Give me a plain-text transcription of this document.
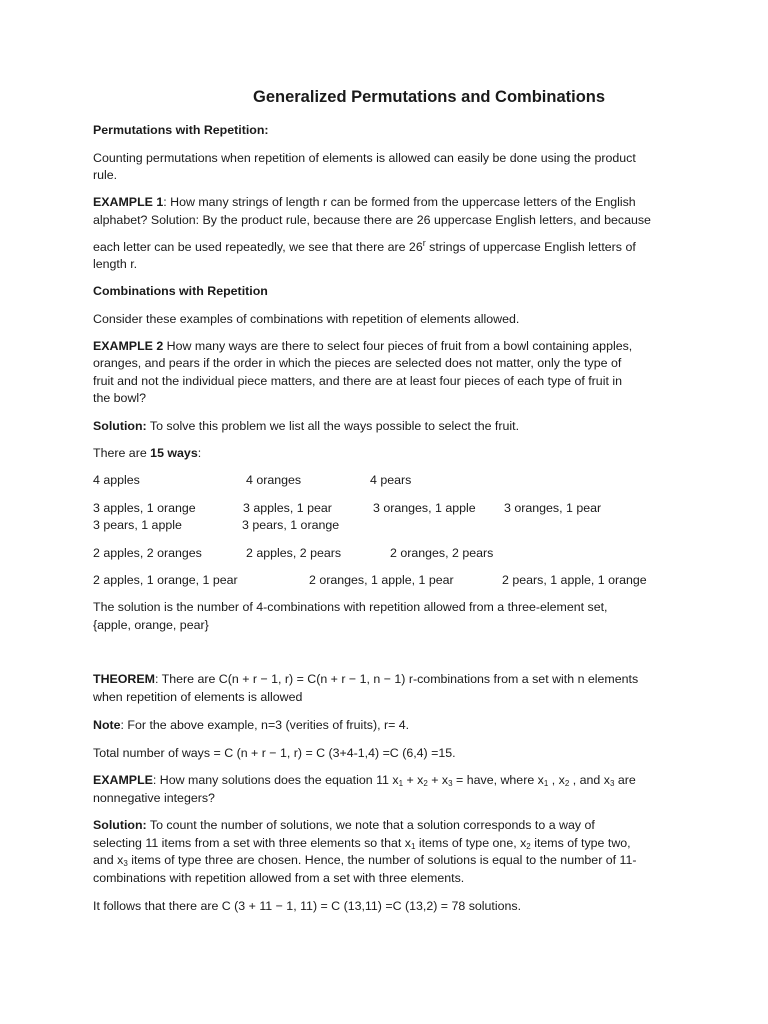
Generalized Permutations and Combinations
Permutations with Repetition:
Counting permutations when repetition of elements is allowed can easily be done using the product
rule.
EXAMPLE 1: How many strings of length r can be formed from the uppercase letters of the English
alphabet? Solution: By the product rule, because there are 26 uppercase English letters, and because
each letter can be used repeatedly, we see that there are 26$^r$ strings of uppercase English letters of
length r.
Combinations with Repetition
Consider these examples of combinations with repetition of elements allowed.
EXAMPLE 2 How many ways are there to select four pieces of fruit from a bowl containing apples,
oranges, and pears if the order in which the pieces are selected does not matter, only the type of
fruit and not the individual piece matters, and there are at least four pieces of each type of fruit in
the bowl?
Solution: To solve this problem we list all the ways possible to select the fruit.
There are 15 ways:
4 apples	4 oranges	4 pears
3 apples, 1 orange	3 apples, 1 pear	3 oranges, 1 apple 3 oranges, 1 pear
3 pears, 1 apple	3 pears, 1 orange
2 apples, 2 oranges	2 apples, 2 pears	2 oranges, 2 pears
2 apples, 1 orange, 1 pear	2 oranges, 1 apple, 1 pear	2 pears, 1 apple, 1 orange
The solution is the number of 4-combinations with repetition allowed from a three-element set,
{apple, orange, pear}
THEOREM: There are C(n + r − 1, r) = C(n + r − 1, n − 1) r-combinations from a set with n elements
when repetition of elements is allowed
Note: For the above example, n=3 (verities of fruits), r= 4.
Total number of ways = C (n + r − 1, r) = C (3+4-1,4) =C (6,4) =15.
EXAMPLE: How many solutions does the equation 11 $x_1 + x_2 + x_3$ = have, where $x_1$ , $x_2$ , and $x_3$ are
nonnegative integers?
Solution: To count the number of solutions, we note that a solution corresponds to a way of
selecting 11 items from a set with three elements so that $x_1$ items of type one, $x_2$ items of type two,
and $x_3$ items of type three are chosen. Hence, the number of solutions is equal to the number of 11-
combinations with repetition allowed from a set with three elements.
It follows that there are C (3 + 11 − 1, 11) = C (13,11) =C (13,2) = 78 solutions.
